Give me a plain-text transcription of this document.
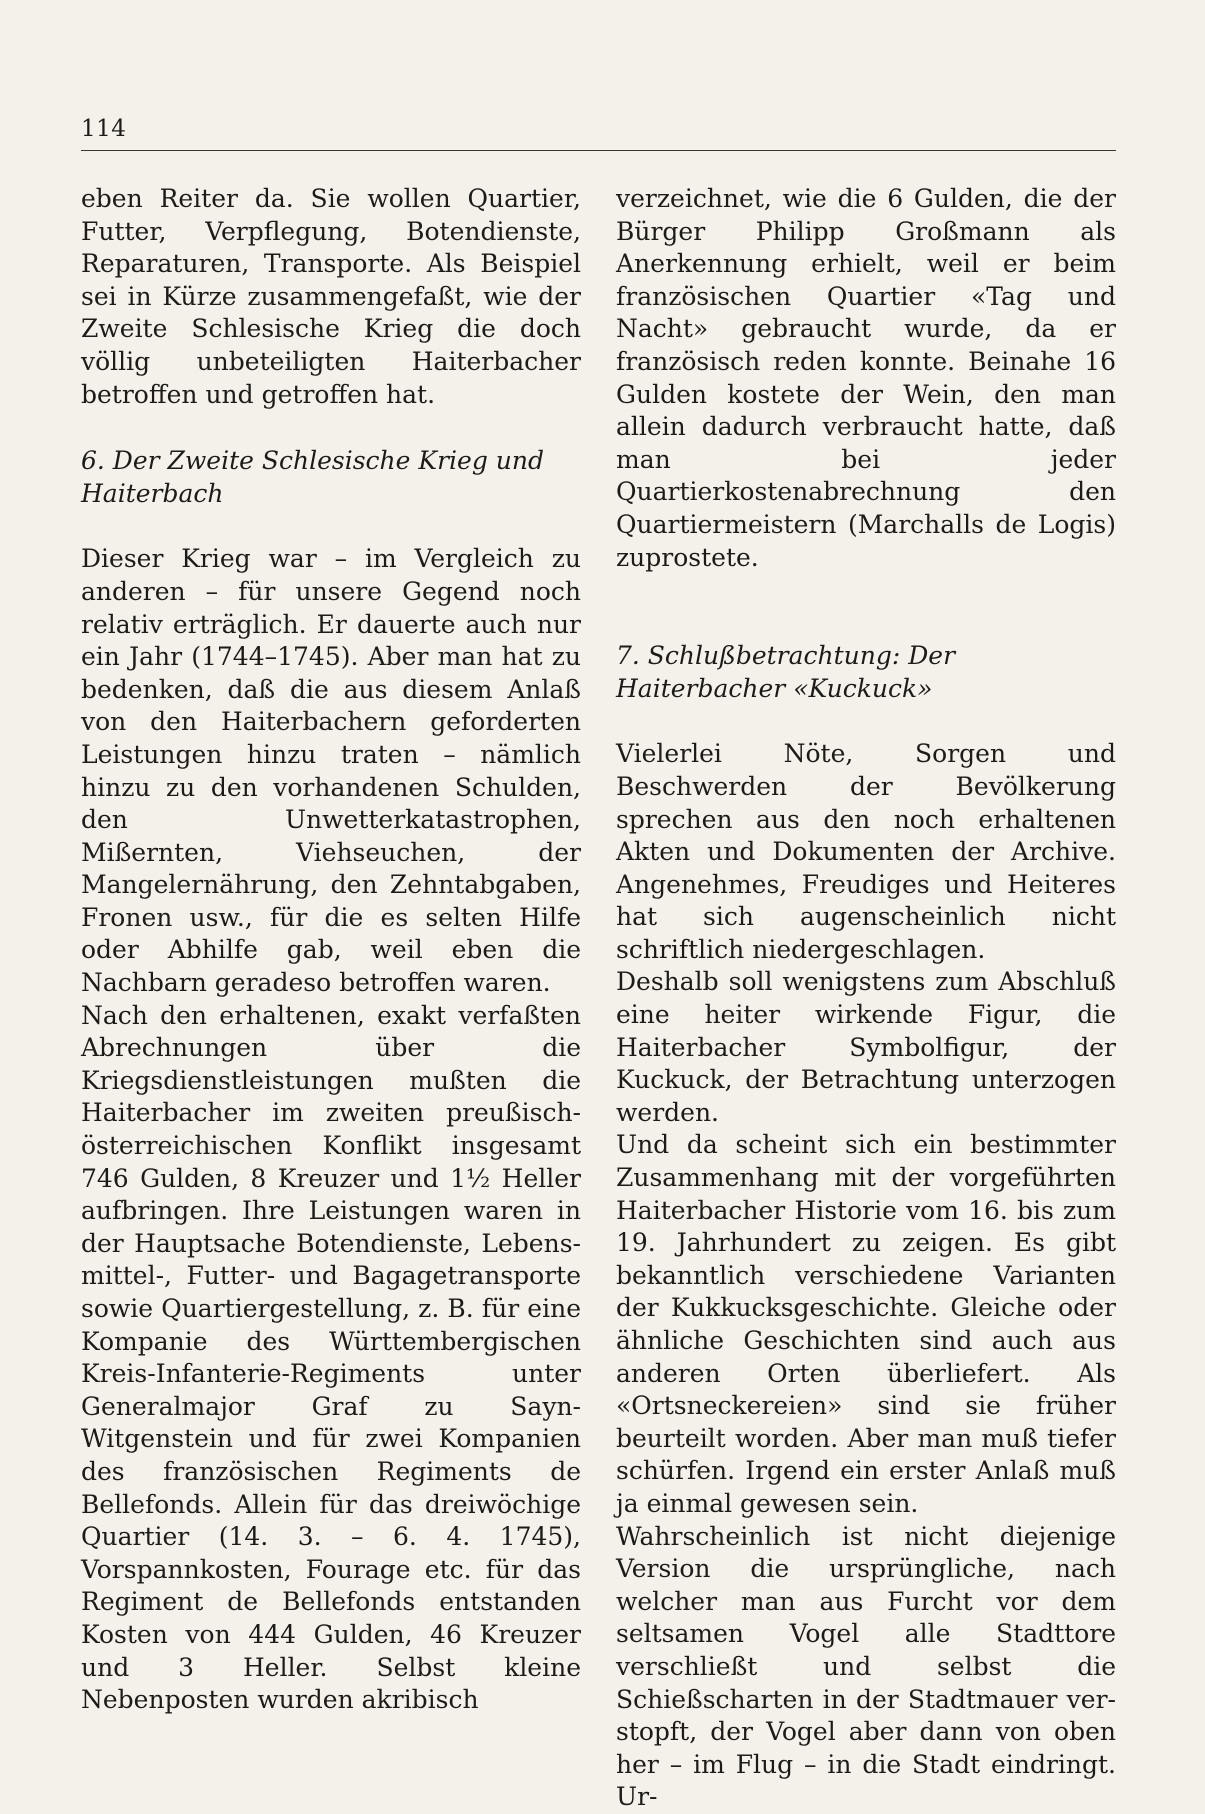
114

eben Reiter da. Sie wollen Quartier, Futter, Verpflegung, Botendienste, Reparaturen, Transporte. Als Beispiel sei in Kürze zusammengefaßt, wie der Zweite Schlesische Krieg die doch völlig unbeteiligten Haiterbacher betroffen und getroffen hat.

6. Der Zweite Schlesische Krieg und Haiterbach

Dieser Krieg war – im Vergleich zu anderen – für unsere Gegend noch relativ erträglich. Er dauerte auch nur ein Jahr (1744–1745). Aber man hat zu bedenken, daß die aus diesem Anlaß von den Haiterbachern geforderten Leistungen hinzu traten – nämlich hinzu zu den vorhandenen Schulden, den Unwetterkatastrophen, Mißernten, Viehseuchen, der Mangelernährung, den Zehntabgaben, Fronen usw., für die es selten Hilfe oder Abhilfe gab, weil eben die Nachbarn geradeso betroffen waren.

Nach den erhaltenen, exakt verfaßten Abrechnungen über die Kriegsdienstleistungen mußten die Haiterbacher im zweiten preußisch-österreichischen Konflikt insgesamt 746 Gulden, 8 Kreuzer und 1½ Heller aufbringen. Ihre Leistungen waren in der Hauptsache Botendienste, Lebensmittel-, Futter- und Bagagetransporte sowie Quartiergestellung, z. B. für eine Kompanie des Württembergischen Kreis-Infanterie-Regiments unter Generalmajor Graf zu Sayn-Witgenstein und für zwei Kompanien des französischen Regiments de Bellefonds. Allein für das dreiwöchige Quartier (14. 3. – 6. 4. 1745), Vorspannkosten, Fourage etc. für das Regiment de Bellefonds entstanden Kosten von 444 Gulden, 46 Kreuzer und 3 Heller. Selbst kleine Nebenposten wurden akribisch

verzeichnet, wie die 6 Gulden, die der Bürger Philipp Großmann als Anerkennung erhielt, weil er beim französischen Quartier «Tag und Nacht» gebraucht wurde, da er französisch reden konnte. Beinahe 16 Gulden kostete der Wein, den man allein dadurch verbraucht hatte, daß man bei jeder Quartierkostenabrechnung den Quartiermeistern (Marchalls de Logis) zuprostete.

7. Schlußbetrachtung: Der Haiterbacher «Kuckuck»

Vielerlei Nöte, Sorgen und Beschwerden der Bevölkerung sprechen aus den noch erhaltenen Akten und Dokumenten der Archive. Angenehmes, Freudiges und Heiteres hat sich augenscheinlich nicht schriftlich niedergeschlagen.

Deshalb soll wenigstens zum Abschluß eine heiter wirkende Figur, die Haiterbacher Symbolfigur, der Kuckuck, der Betrachtung unterzogen werden.

Und da scheint sich ein bestimmter Zusammenhang mit der vorgeführten Haiterbacher Historie vom 16. bis zum 19. Jahrhundert zu zeigen. Es gibt bekanntlich verschiedene Varianten der Kukkucksgeschichte. Gleiche oder ähnliche Geschichten sind auch aus anderen Orten überliefert. Als «Ortsneckereien» sind sie früher beurteilt worden. Aber man muß tiefer schürfen. Irgend ein erster Anlaß muß ja einmal gewesen sein.

Wahrscheinlich ist nicht diejenige Version die ursprüngliche, nach welcher man aus Furcht vor dem seltsamen Vogel alle Stadttore verschließt und selbst die Schießscharten in der Stadtmauer verstopft, der Vogel aber dann von oben her – im Flug – in die Stadt eindringt. Ur-
